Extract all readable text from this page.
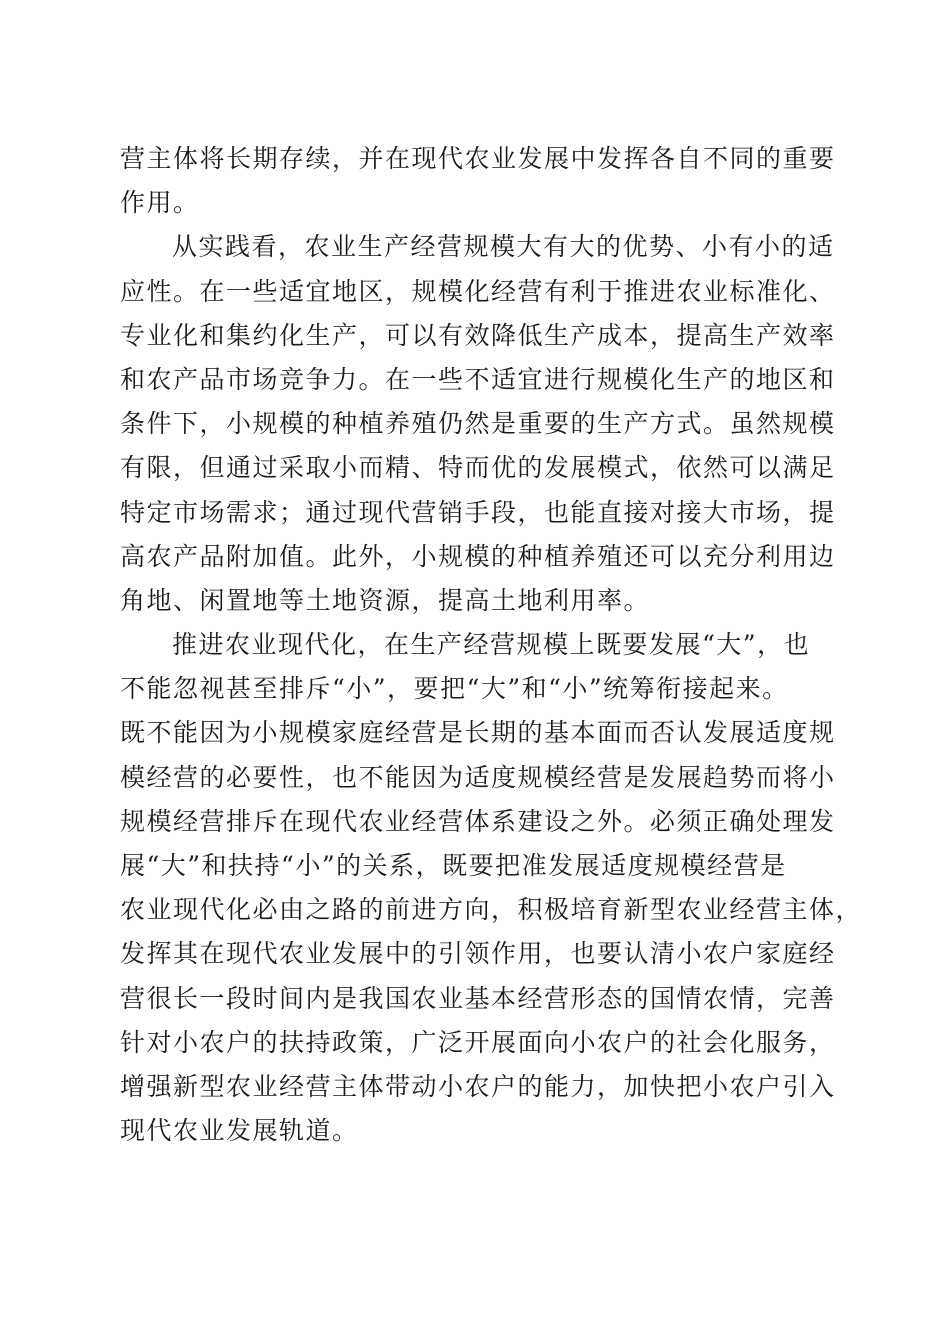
营主体将长期存续，并在现代农业发展中发挥各自不同的重要
作用。
从实践看，农业生产经营规模大有大的优势、小有小的适
应性。在一些适宜地区，规模化经营有利于推进农业标准化、
专业化和集约化生产，可以有效降低生产成本，提高生产效率
和农产品市场竞争力。在一些不适宜进行规模化生产的地区和
条件下，小规模的种植养殖仍然是重要的生产方式。虽然规模
有限，但通过采取小而精、特而优的发展模式，依然可以满足
特定市场需求；通过现代营销手段，也能直接对接大市场，提
高农产品附加值。此外，小规模的种植养殖还可以充分利用边
角地、闲置地等土地资源，提高土地利用率。
推进农业现代化，在生产经营规模上既要发展“大”，也
不能忽视甚至排斥“小”，要把“大”和“小”统筹衔接起来。
既不能因为小规模家庭经营是长期的基本面而否认发展适度规
模经营的必要性，也不能因为适度规模经营是发展趋势而将小
规模经营排斥在现代农业经营体系建设之外。必须正确处理发
展“大”和扶持“小”的关系，既要把准发展适度规模经营是
农业现代化必由之路的前进方向，积极培育新型农业经营主体，
发挥其在现代农业发展中的引领作用，也要认清小农户家庭经
营很长一段时间内是我国农业基本经营形态的国情农情，完善
针对小农户的扶持政策，广泛开展面向小农户的社会化服务，
增强新型农业经营主体带动小农户的能力，加快把小农户引入
现代农业发展轨道。
